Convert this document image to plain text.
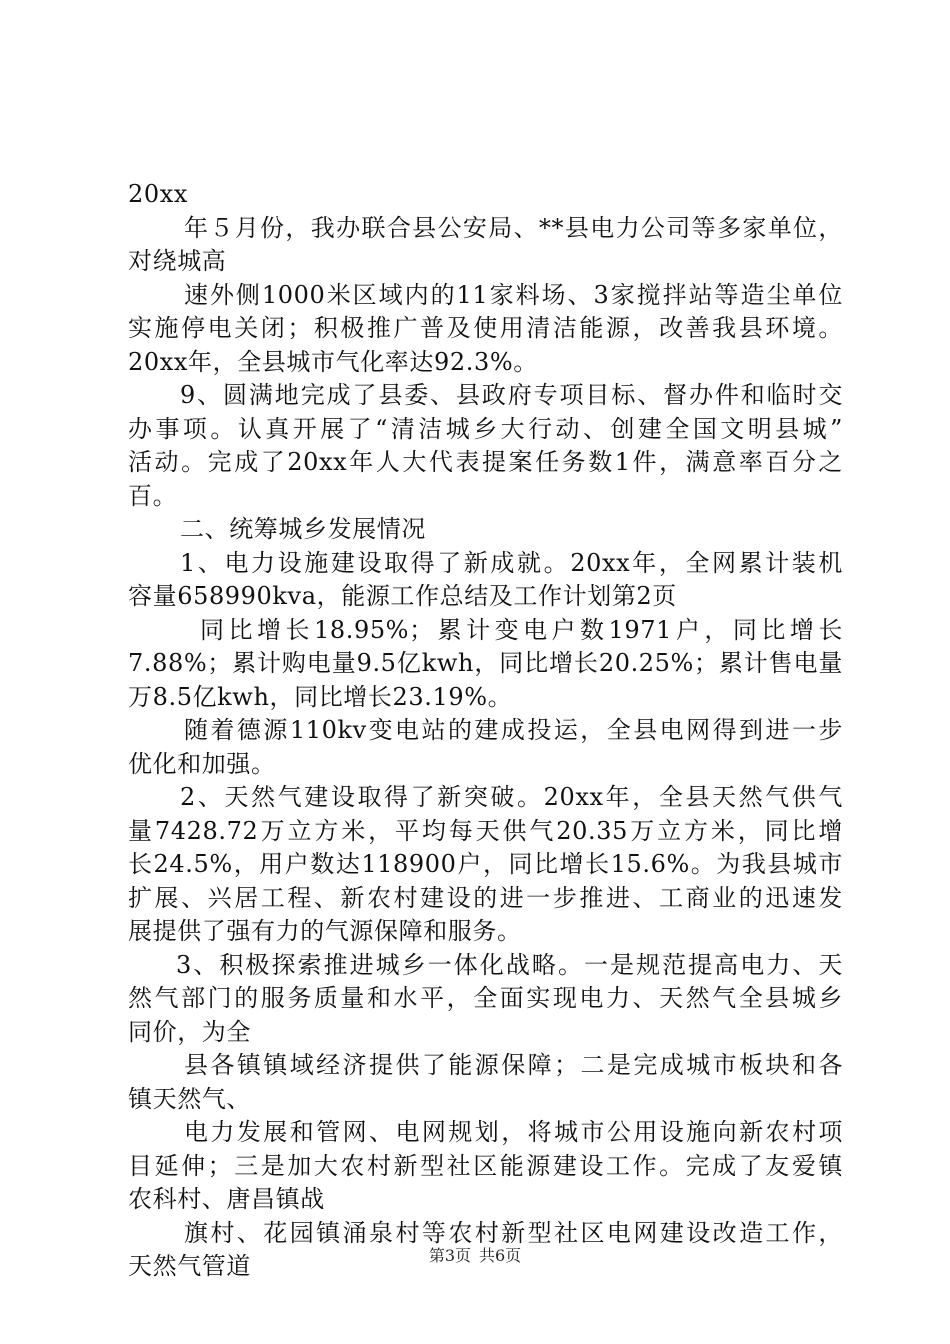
20xx
年５月份，我办联合县公安局、**县电力公司等多家单位，
对绕城高
速外侧1000米区域内的11家料场、3家搅拌站等造尘单位
实施停电关闭；积极推广普及使用清洁能源，改善我县环境。
20xx年，全县城市气化率达92.3%。
9、圆满地完成了县委、县政府专项目标、督办件和临时交
办事项。认真开展了“清洁城乡大行动、创建全国文明县城”
活动。完成了20xx年人大代表提案任务数1件，满意率百分之
百。
二、统筹城乡发展情况
1、电力设施建设取得了新成就。20xx年，全网累计装机
容量658990kva，能源工作总结及工作计划第2页
同比增长18.95%；累计变电户数1971户，同比增长
7.88%；累计购电量9.5亿kwh，同比增长20.25%；累计售电量
万8.5亿kwh，同比增长23.19%。
随着德源110kv变电站的建成投运，全县电网得到进一步
优化和加强。
2、天然气建设取得了新突破。20xx年，全县天然气供气
量7428.72万立方米，平均每天供气20.35万立方米，同比增
长24.5%，用户数达118900户，同比增长15.6%。为我县城市
扩展、兴居工程、新农村建设的进一步推进、工商业的迅速发
展提供了强有力的气源保障和服务。
3、积极探索推进城乡一体化战略。一是规范提高电力、天
然气部门的服务质量和水平，全面实现电力、天然气全县城乡
同价，为全
县各镇镇域经济提供了能源保障；二是完成城市板块和各
镇天然气、
电力发展和管网、电网规划，将城市公用设施向新农村项
目延伸；三是加大农村新型社区能源建设工作。完成了友爱镇
农科村、唐昌镇战
旗村、花园镇涌泉村等农村新型社区电网建设改造工作，
天然气管道	第3页 共6页
